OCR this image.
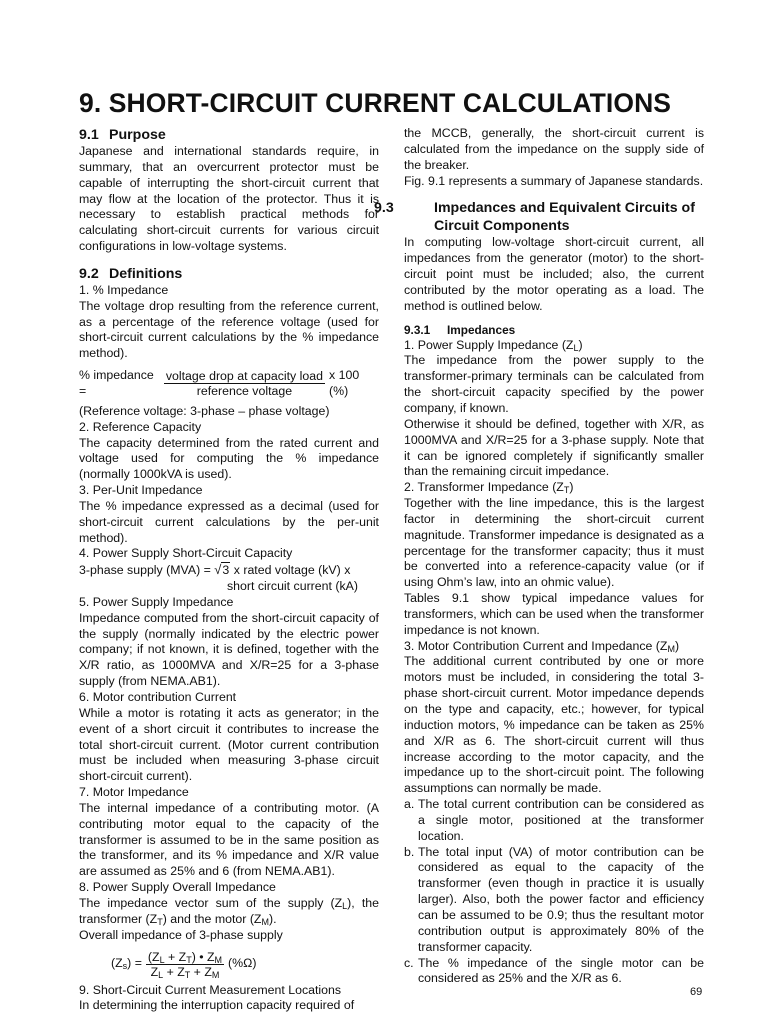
9. SHORT-CIRCUIT CURRENT CALCULATIONS
9.1 Purpose

Japanese and international standards require, in summary, that an overcurrent protector must be capable of interrupting the short-circuit current that may flow at the location of the protector. Thus it is necessary to establish practical methods for calculating short-circuit currents for various circuit configurations in low-voltage systems.

9.2 Definitions

1. % Impedance

The voltage drop resulting from the reference current, as a percentage of the reference voltage (used for short-circuit current calculations by the % impedance method).

% impedance =	$\frac{\text{voltage drop at capacity load}}{\text{reference voltage}}$ x 100 (%)

(Reference voltage: 3-phase – phase voltage)

2. Reference Capacity

The capacity determined from the rated current and voltage used for computing the % impedance (normally 1000kVA is used).

3. Per-Unit Impedance

The % impedance expressed as a decimal (used for short-circuit current calculations by the per-unit method).

4. Power Supply Short-Circuit Capacity

3-phase supply (MVA) = √3 x rated voltage (kV) x
short circuit current (kA)

5. Power Supply Impedance

Impedance computed from the short-circuit capacity of the supply (normally indicated by the electric power company; if not known, it is defined, together with the X/R ratio, as 1000MVA and X/R=25 for a 3-phase supply (from NEMA.AB1).

6. Motor contribution Current

While a motor is rotating it acts as generator; in the event of a short circuit it contributes to increase the total short-circuit current. (Motor current contribution must be included when measuring 3-phase circuit short-circuit current).

7. Motor Impedance

The internal impedance of a contributing motor. (A contributing motor equal to the capacity of the transformer is assumed to be in the same position as the transformer, and its % impedance and X/R value are assumed as 25% and 6 (from NEMA.AB1).

8. Power Supply Overall Impedance

The impedance vector sum of the supply $(Z_L)$, the transformer $(Z_T)$ and the motor $(Z_M)$.

Overall impedance of 3-phase supply

$(Z_s) = \frac{(Z_L + Z_T) • Z_M}{Z_L + Z_T + Z_M} (\%\Omega)$

9. Short-Circuit Current Measurement Locations

In determining the interruption capacity required of

the MCCB, generally, the short-circuit current is calculated from the impedance on the supply side of the breaker.

Fig. 9.1 represents a summary of Japanese standards.

9.3	Impedances and Equivalent Circuits of Circuit Components

In computing low-voltage short-circuit current, all impedances from the generator (motor) to the short-circuit point must be included; also, the current contributed by the motor operating as a load. The method is outlined below.

9.3.1 Impedances

1. Power Supply Impedance $(Z_L)$

The impedance from the power supply to the transformer-primary terminals can be calculated from the short-circuit capacity specified by the power company, if known.

Otherwise it should be defined, together with X/R, as 1000MVA and X/R=25 for a 3-phase supply. Note that it can be ignored completely if significantly smaller than the remaining circuit impedance.

2. Transformer Impedance $(Z_T)$

Together with the line impedance, this is the largest factor in determining the short-circuit current magnitude. Transformer impedance is designated as a percentage for the transformer capacity; thus it must be converted into a reference-capacity value (or if using Ohm’s law, into an ohmic value).

Tables 9.1 show typical impedance values for transformers, which can be used when the transformer impedance is not known.

3. Motor Contribution Current and Impedance $(Z_M)$

The additional current contributed by one or more motors must be included, in considering the total 3-phase short-circuit current. Motor impedance depends on the type and capacity, etc.; however, for typical induction motors, % impedance can be taken as 25% and X/R as 6. The short-circuit current will thus increase according to the motor capacity, and the impedance up to the short-circuit point. The following assumptions can normally be made.

a. The total current contribution can be considered as a single motor, positioned at the transformer location.

b. The total input (VA) of motor contribution can be considered as equal to the capacity of the transformer (even though in practice it is usually larger). Also, both the power factor and efficiency can be assumed to be 0.9; thus the resultant motor contribution output is approximately 80% of the transformer capacity.

c. The % impedance of the single motor can be considered as 25% and the X/R as 6.

69
